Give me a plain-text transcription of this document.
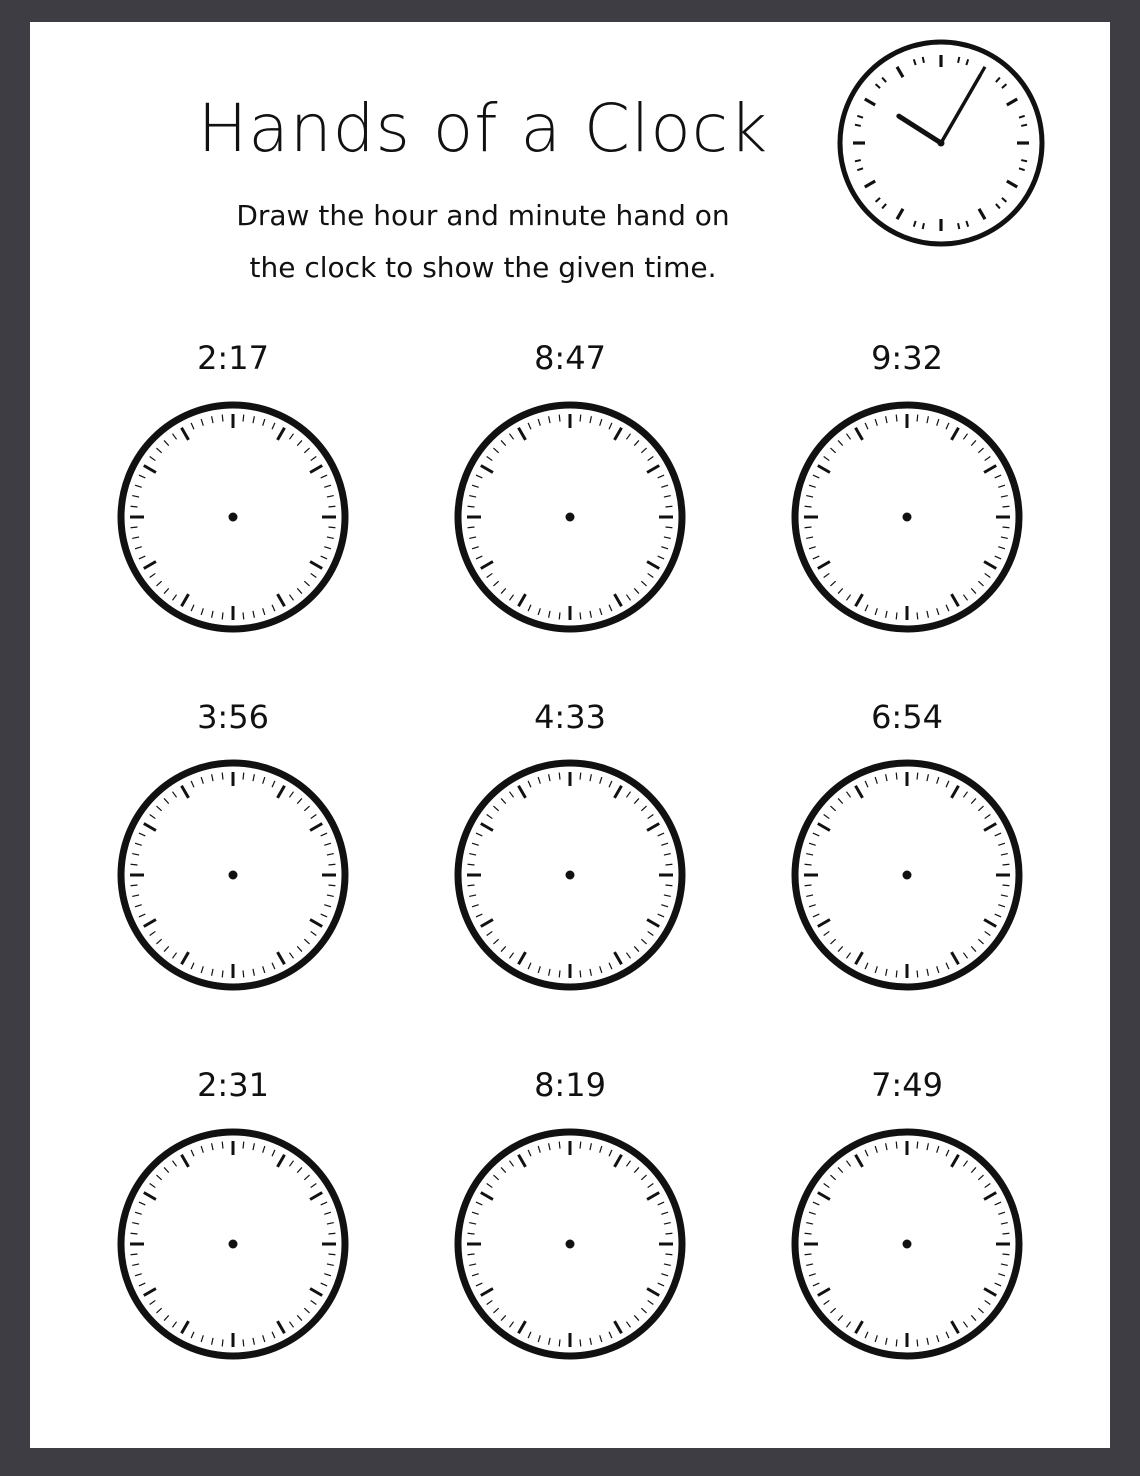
Hands of a Clock
Draw the hour and minute hand on
the clock to show the given time.
2:17	8:47	9:32
3:56	4:33	6:54
2:31	8:19	7:49
